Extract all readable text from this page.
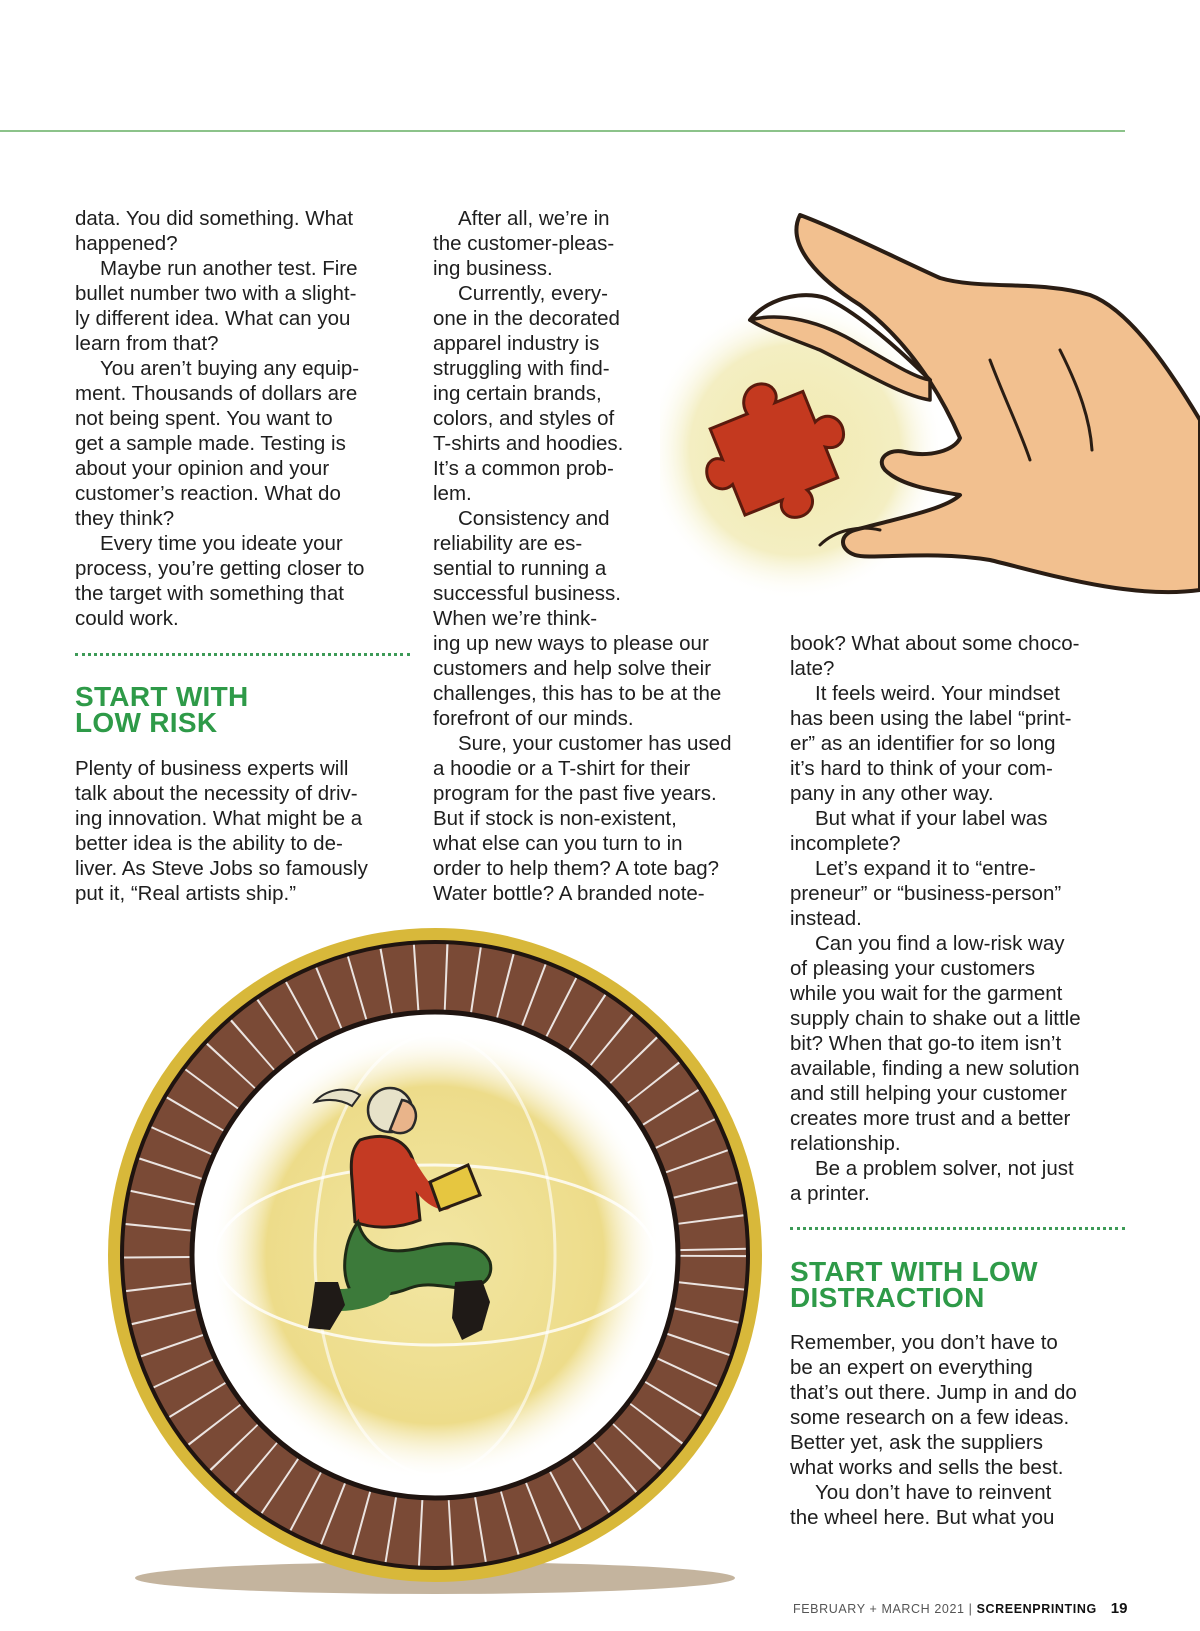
data. You did something. What

happened?

Maybe run another test. Fire

bullet number two with a slight-

ly different idea. What can you

learn from that?

You aren’t buying any equip-

ment. Thousands of dollars are

not being spent. You want to

get a sample made. Testing is

about your opinion and your

customer’s reaction. What do

they think?

Every time you ideate your

process, you’re getting closer to

the target with something that

could work.

START WITH
LOW RISK

Plenty of business experts will

talk about the necessity of driv-

ing innovation. What might be a

better idea is the ability to de-

liver. As Steve Jobs so famously

put it, “Real artists ship.”

After all, we’re in

the customer-pleas-

ing business.

Currently, every-

one in the decorated

apparel industry is

struggling with find-

ing certain brands,

colors, and styles of

T-shirts and hoodies.

It’s a common prob-

lem.

Consistency and

reliability are es-

sential to running a

successful business.

When we’re think-

ing up new ways to please our

customers and help solve their

challenges, this has to be at the

forefront of our minds.

Sure, your customer has used

a hoodie or a T-shirt for their

program for the past five years.

But if stock is non-existent,

what else can you turn to in

order to help them? A tote bag?

Water bottle? A branded note-

book? What about some choco-

late?

It feels weird. Your mindset

has been using the label “print-

er” as an identifier for so long

it’s hard to think of your com-

pany in any other way.

But what if your label was

incomplete?

Let’s expand it to “entre-

preneur” or “business-person”

instead.

Can you find a low-risk way

of pleasing your customers

while you wait for the garment

supply chain to shake out a little

bit? When that go-to item isn’t

available, finding a new solution

and still helping your customer

creates more trust and a better

relationship.

Be a problem solver, not just

a printer.

START WITH LOW
DISTRACTION

Remember, you don’t have to

be an expert on everything

that’s out there. Jump in and do

some research on a few ideas.

Better yet, ask the suppliers

what works and sells the best.

You don’t have to reinvent

the wheel here. But what you

FEBRUARY + MARCH 2021 | SCREENPRINTING 19
